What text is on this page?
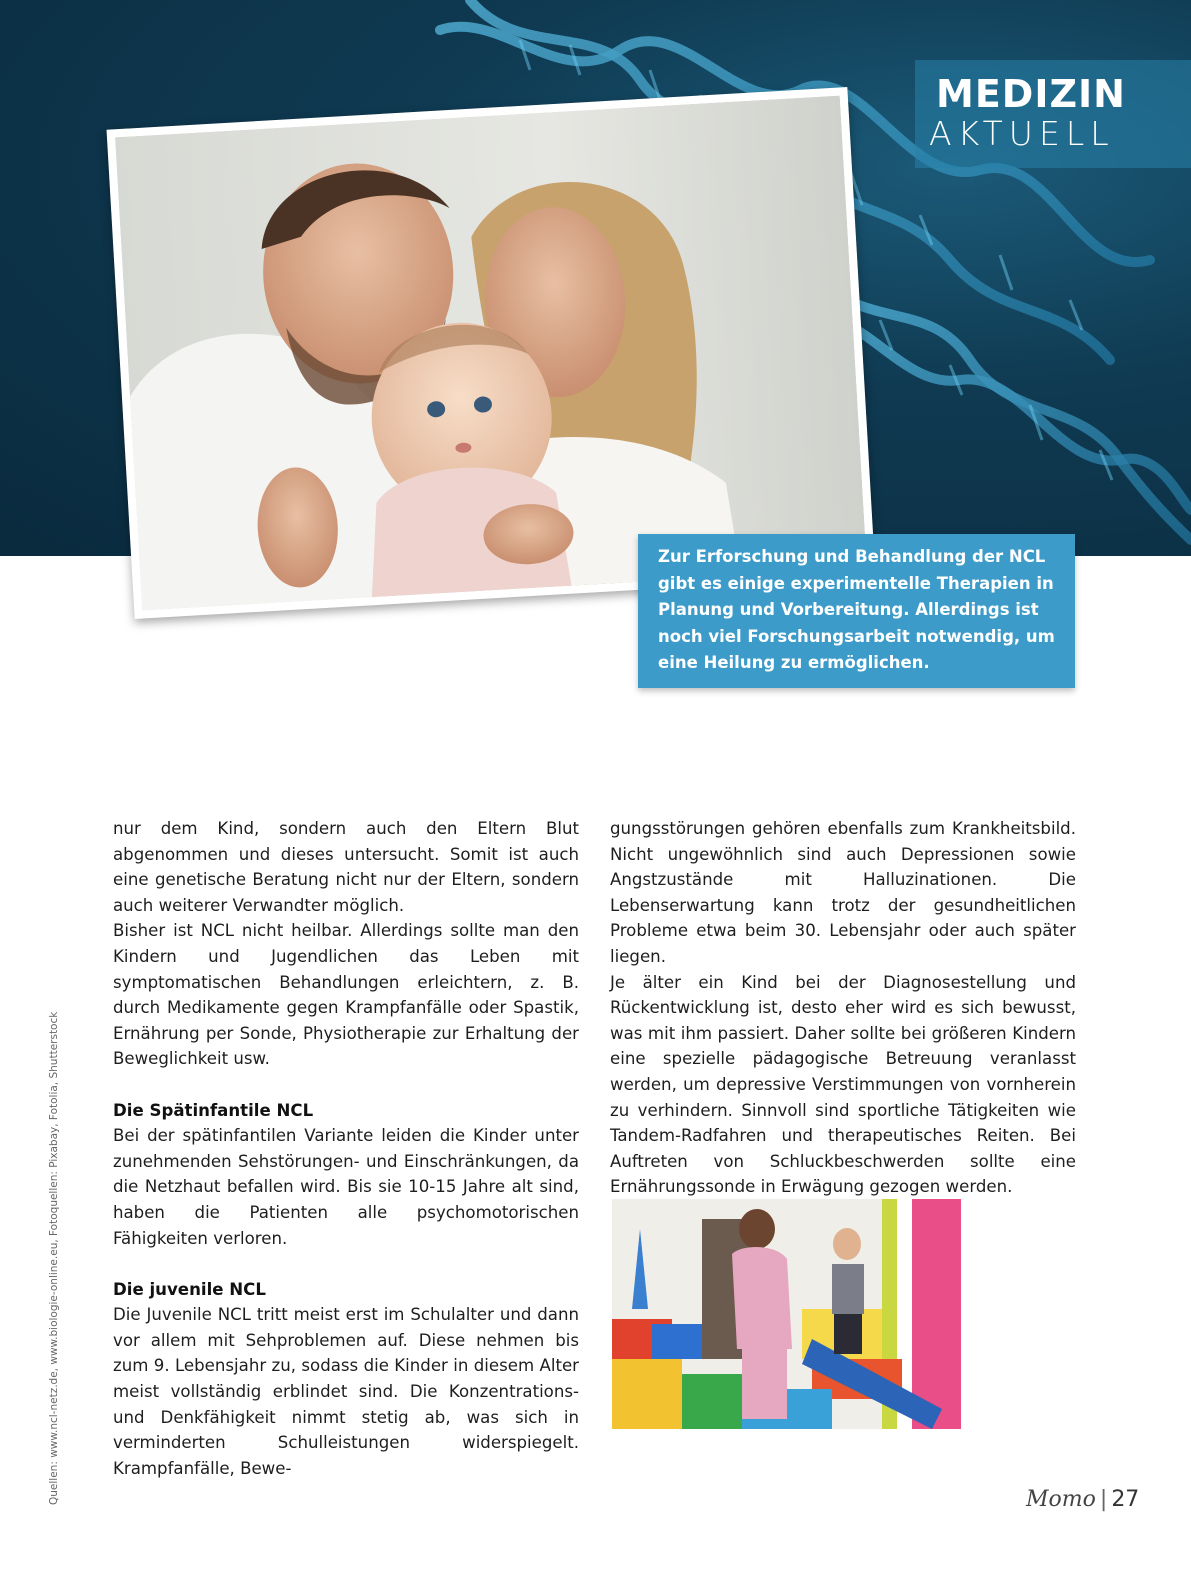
MEDIZIN
AKTUELL
Zur Erforschung und Behandlung der NCL gibt es einige experimentelle Therapien in Planung und Vorbereitung. Allerdings ist noch viel Forschungsarbeit notwendig, um eine Heilung zu ermöglichen.

nur dem Kind, sondern auch den Eltern Blut abgenommen und dieses untersucht. Somit ist auch eine genetische Beratung nicht nur der Eltern, sondern auch weiterer Verwandter möglich.

Bisher ist NCL nicht heilbar. Allerdings sollte man den Kindern und Jugendlichen das Leben mit symptomatischen Behandlungen erleichtern, z. B. durch Medikamente gegen Krampfanfälle oder Spastik, Ernährung per Sonde, Physiotherapie zur Erhaltung der Beweglichkeit usw.

Die Spätinfantile NCL

Bei der spätinfantilen Variante leiden die Kinder unter zunehmenden Sehstörungen- und Einschränkungen, da die Netzhaut befallen wird. Bis sie 10-15 Jahre alt sind, haben die Patienten alle psychomotorischen Fähigkeiten verloren.

Die juvenile NCL

Die Juvenile NCL tritt meist erst im Schulalter und dann vor allem mit Sehproblemen auf. Diese nehmen bis zum 9. Lebensjahr zu, sodass die Kinder in diesem Alter meist vollständig erblindet sind. Die Konzentrations- und Denkfähigkeit nimmt stetig ab, was sich in verminderten Schulleistungen widerspiegelt. Krampfanfälle, Bewe-

gungsstörungen gehören ebenfalls zum Krankheitsbild. Nicht ungewöhnlich sind auch Depressionen sowie Angstzustände mit Halluzinationen. Die Lebenserwartung kann trotz der gesundheitlichen Probleme etwa beim 30. Lebensjahr oder auch später liegen.

Je älter ein Kind bei der Diagnosestellung und Rückentwicklung ist, desto eher wird es sich bewusst, was mit ihm passiert. Daher sollte bei größeren Kindern eine spezielle pädagogische Betreuung veranlasst werden, um depressive Verstimmungen von vornherein zu verhindern. Sinnvoll sind sportliche Tätigkeiten wie Tandem-Radfahren und therapeutisches Reiten. Bei Auftreten von Schluckbeschwerden sollte eine Ernährungssonde in Erwägung gezogen werden.

Quellen: www.ncl-netz.de, www.biologie-online.eu, Fotoquellen: Pixabay, Fotolia, Shutterstock	Momo | 27
